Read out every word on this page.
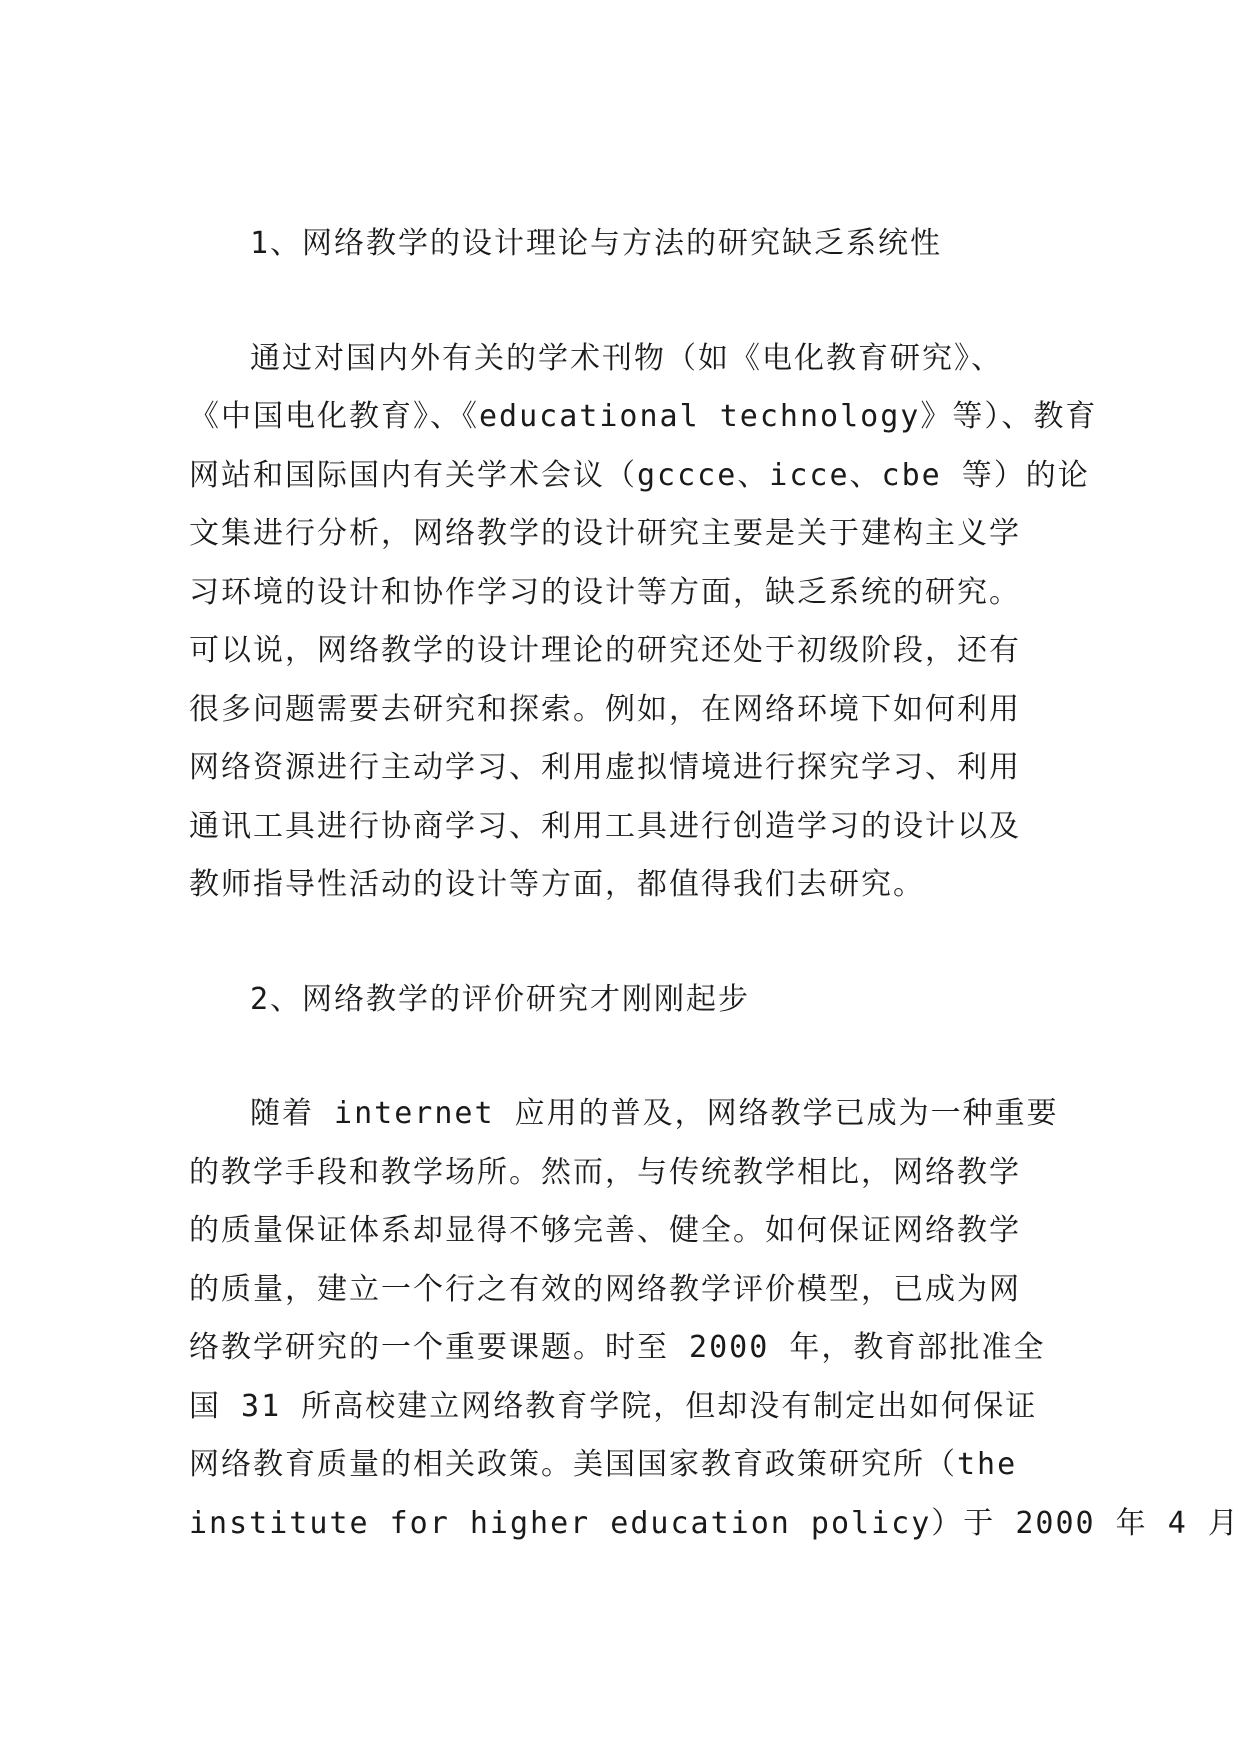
1、网络教学的设计理论与方法的研究缺乏系统性

通过对国内外有关的学术刊物（如《电化教育研究》、
《中国电化教育》、《educational technology》等）、教育
网站和国际国内有关学术会议（gccce、icce、cbe 等）的论
文集进行分析，网络教学的设计研究主要是关于建构主义学
习环境的设计和协作学习的设计等方面，缺乏系统的研究。
可以说，网络教学的设计理论的研究还处于初级阶段，还有
很多问题需要去研究和探索。例如，在网络环境下如何利用
网络资源进行主动学习、利用虚拟情境进行探究学习、利用
通讯工具进行协商学习、利用工具进行创造学习的设计以及
教师指导性活动的设计等方面，都值得我们去研究。

2、网络教学的评价研究才刚刚起步

随着 internet 应用的普及，网络教学已成为一种重要
的教学手段和教学场所。然而，与传统教学相比，网络教学
的质量保证体系却显得不够完善、健全。如何保证网络教学
的质量，建立一个行之有效的网络教学评价模型，已成为网
络教学研究的一个重要课题。时至 2000 年，教育部批准全
国 31 所高校建立网络教育学院，但却没有制定出如何保证
网络教育质量的相关政策。美国国家教育政策研究所（the
institute for higher education policy）于 2000 年 4 月
